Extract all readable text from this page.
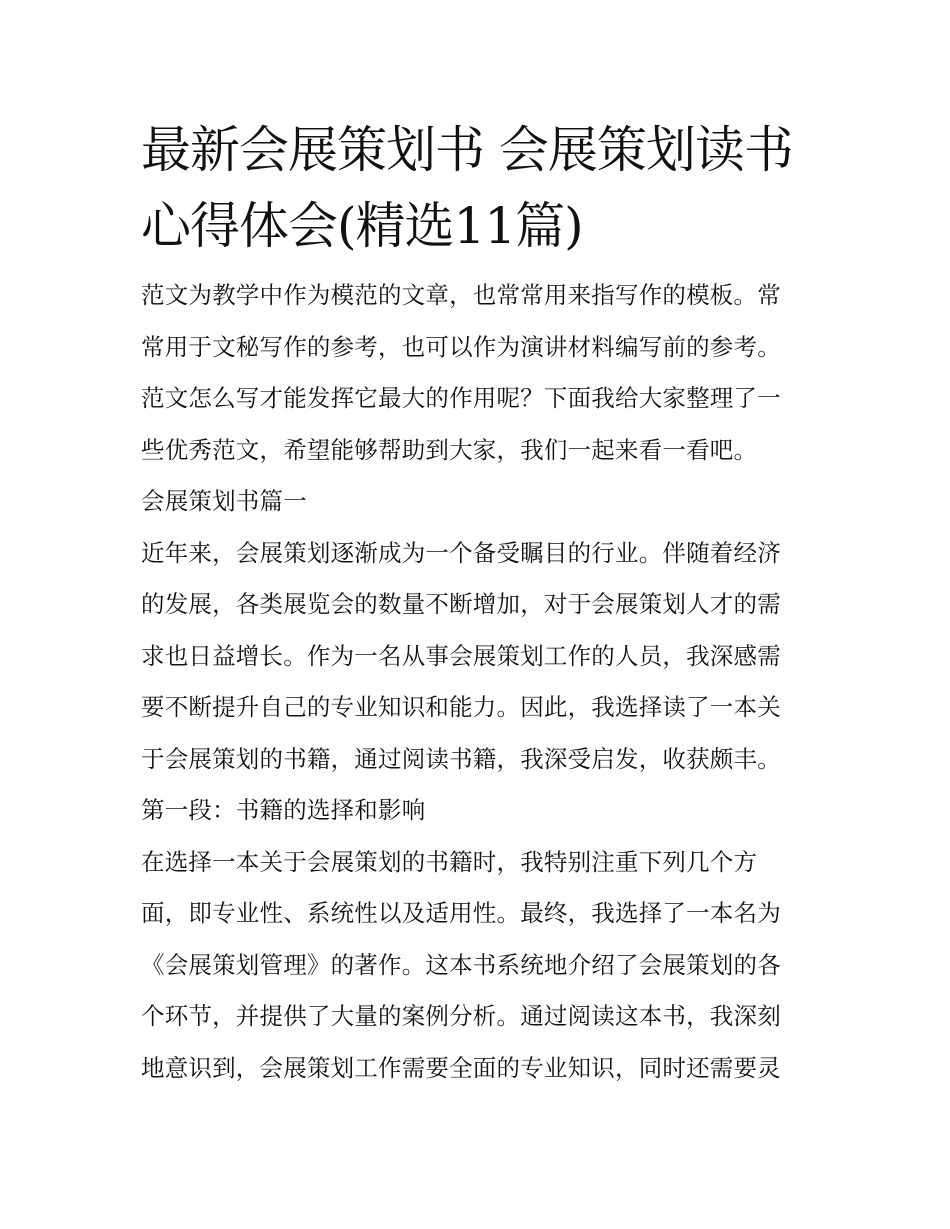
最新会展策划书 会展策划读书
心得体会(精选11篇)
范文为教学中作为模范的文章，也常常用来指写作的模板。常
常用于文秘写作的参考，也可以作为演讲材料编写前的参考。
范文怎么写才能发挥它最大的作用呢？下面我给大家整理了一
些优秀范文，希望能够帮助到大家，我们一起来看一看吧。
会展策划书篇一
近年来，会展策划逐渐成为一个备受瞩目的行业。伴随着经济
的发展，各类展览会的数量不断增加，对于会展策划人才的需
求也日益增长。作为一名从事会展策划工作的人员，我深感需
要不断提升自己的专业知识和能力。因此，我选择读了一本关
于会展策划的书籍，通过阅读书籍，我深受启发，收获颇丰。
第一段：书籍的选择和影响
在选择一本关于会展策划的书籍时，我特别注重下列几个方
面，即专业性、系统性以及适用性。最终，我选择了一本名为
《会展策划管理》的著作。这本书系统地介绍了会展策划的各
个环节，并提供了大量的案例分析。通过阅读这本书，我深刻
地意识到，会展策划工作需要全面的专业知识，同时还需要灵
